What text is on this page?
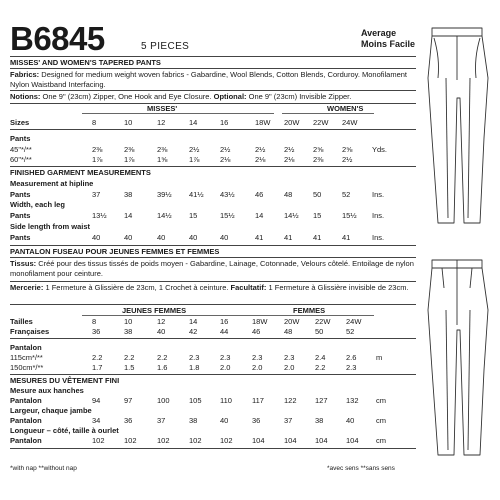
B6845	5 PIECES
Average
Moins Facile
MISSES' AND WOMEN'S TAPERED PANTS
Fabrics: Designed for medium weight woven fabrics - Gabardine, Wool Blends, Cotton Blends, Corduroy. Monofilament Nylon Waistband Interfacing.
Notions: One 9" (23cm) Zipper, One Hook and Eye Closure. Optional: One 9" (23cm) Invisible Zipper.
MISSES'	WOMEN'S
Sizes	8	10	12	14	16	18W 20W 22W 24W
Pants
45"*/**	2⅜	2⅜	2⅜	2½	2½	2½ 2½ 2⅝ 2⅝	Yds.
60"*/**	1⅞	1⅞	1⅝	1⅞	2⅛	2⅛ 2⅛ 2⅜ 2½
FINISHED GARMENT MEASUREMENTS
Measurement at hipline
Pants	37	38	39½ 41½ 43½	46	48	50	52	Ins.
Width, each leg
Pants	13½ 14	14½ 15	15½	14	14½ 15	15½ Ins.
Side length from waist
Pants	40	40	40	40	40	41	41	41	41	Ins.
PANTALON FUSEAU POUR JEUNES FEMMES ET FEMMES
Tissus: Créé pour des tissus tissés de poids moyen - Gabardine, Lainage, Cotonnade, Velours côtelé. Entoilage de nylon monofilament pour ceinture.
Mercerie: 1 Fermeture à Glissière de 23cm, 1 Crochet à ceinture. Facultatif: 1 Fermeture à Glissière invisible de 23cm.
JEUNES FEMMES	FEMMES
Tailles	8	10	12	14	16	18W 20W 22W 24W
Françaises	36	38	40	42	44	46	48	50	52
Pantalon
115cm*/**	2.2	2.2	2.2	2.3	2.3	2.3	2.3	2.4	2.6	m
150cm*/**	1.7	1.5	1.6	1.8	2.0	2.0	2.0	2.2	2.3
MESURES DU VÊTEMENT FINI
Mesure aux hanches
Pantalon	94	97	100	105 110	117	122 127 132 cm
Largeur, chaque jambe
Pantalon	34	36	37	38	40	36	37	38	40	cm
Longueur – côté, taille à ourlet
Pantalon	102	102	102	102 102	104	104 104 104 cm
*with nap **without nap	*avec sens **sans sens
